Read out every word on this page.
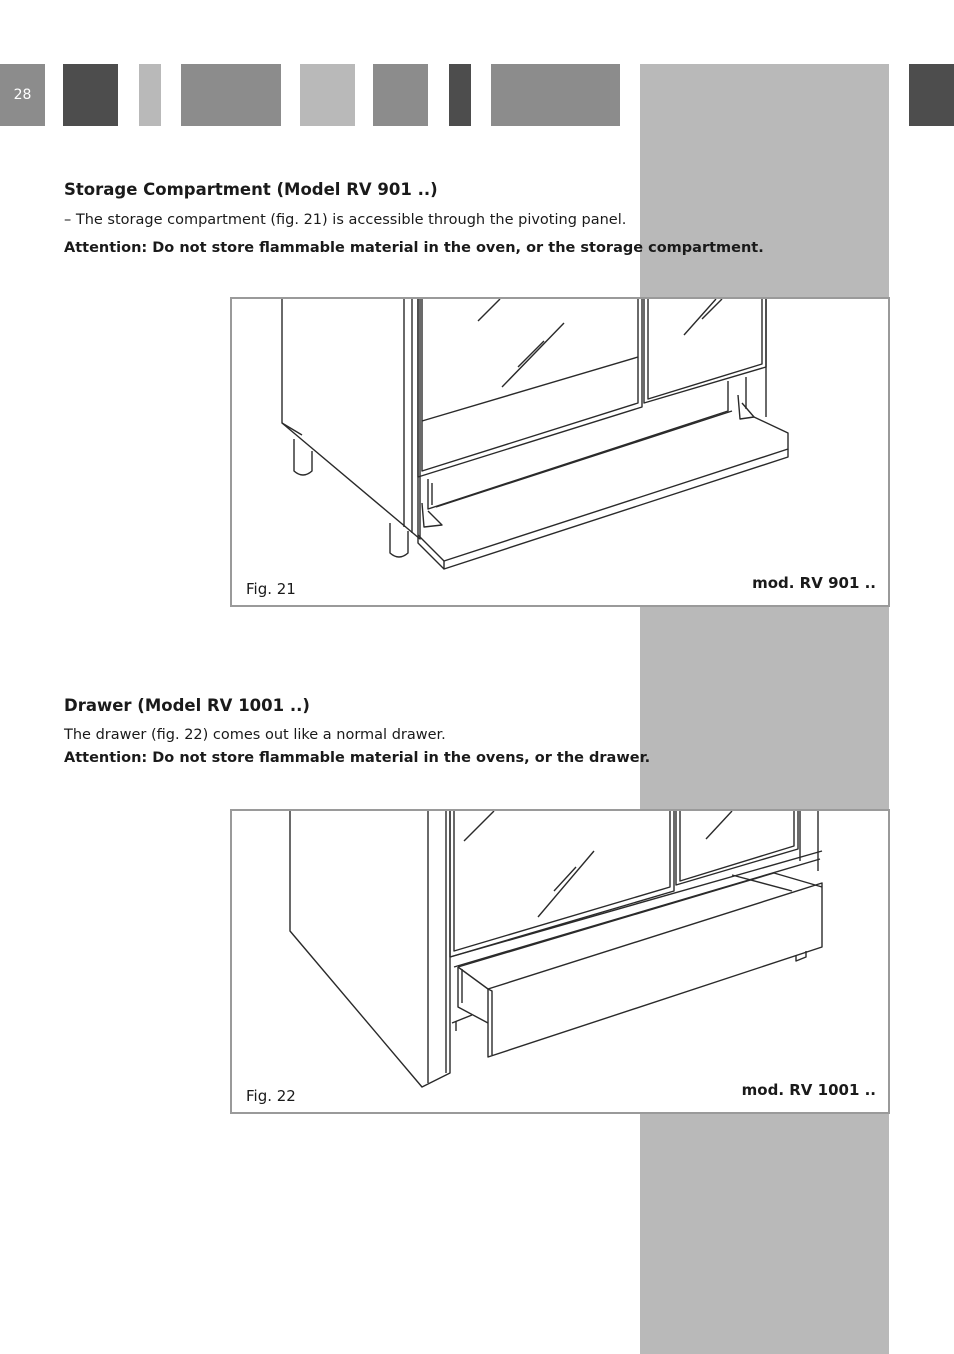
28
Storage Compartment (Model RV 901 ..)
– The storage compartment (fig. 21) is accessible through the pivoting panel.
Attention: Do not store flammable material in the oven, or the storage compartment.
Fig. 21	mod. RV 901 ..
Drawer (Model RV 1001 ..)
The drawer (fig. 22) comes out like a normal drawer.
Attention: Do not store flammable material in the ovens, or the drawer.
Fig. 22	mod. RV 1001 ..
